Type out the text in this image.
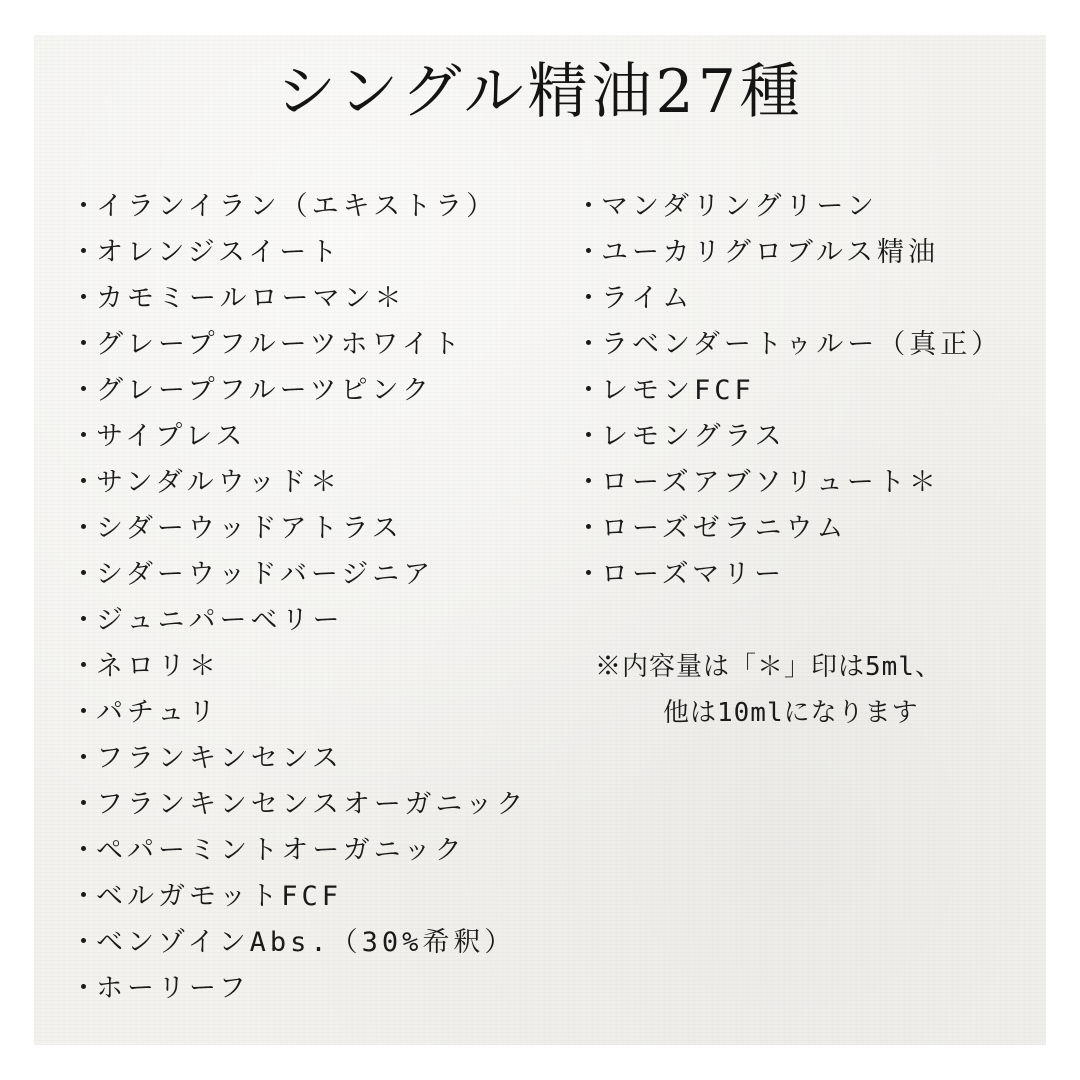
シングル精油27種
・イランイラン（エキストラ）
・オレンジスイート
・カモミールローマン＊
・グレープフルーツホワイト
・グレープフルーツピンク
・サイプレス
・サンダルウッド＊
・シダーウッドアトラス
・シダーウッドバージニア
・ジュニパーベリー
・ネロリ＊
・パチュリ
・フランキンセンス
・フランキンセンスオーガニック
・ペパーミントオーガニック
・ベルガモットFCF
・ベンゾインAbs.（30%希釈）
・ホーリーフ
・マンダリングリーン
・ユーカリグロブルス精油
・ライム
・ラベンダートゥルー（真正）
・レモンFCF
・レモングラス
・ローズアブソリュート＊
・ローズゼラニウム
・ローズマリー
※内容量は「＊」印は5ml、
他は10mlになります
